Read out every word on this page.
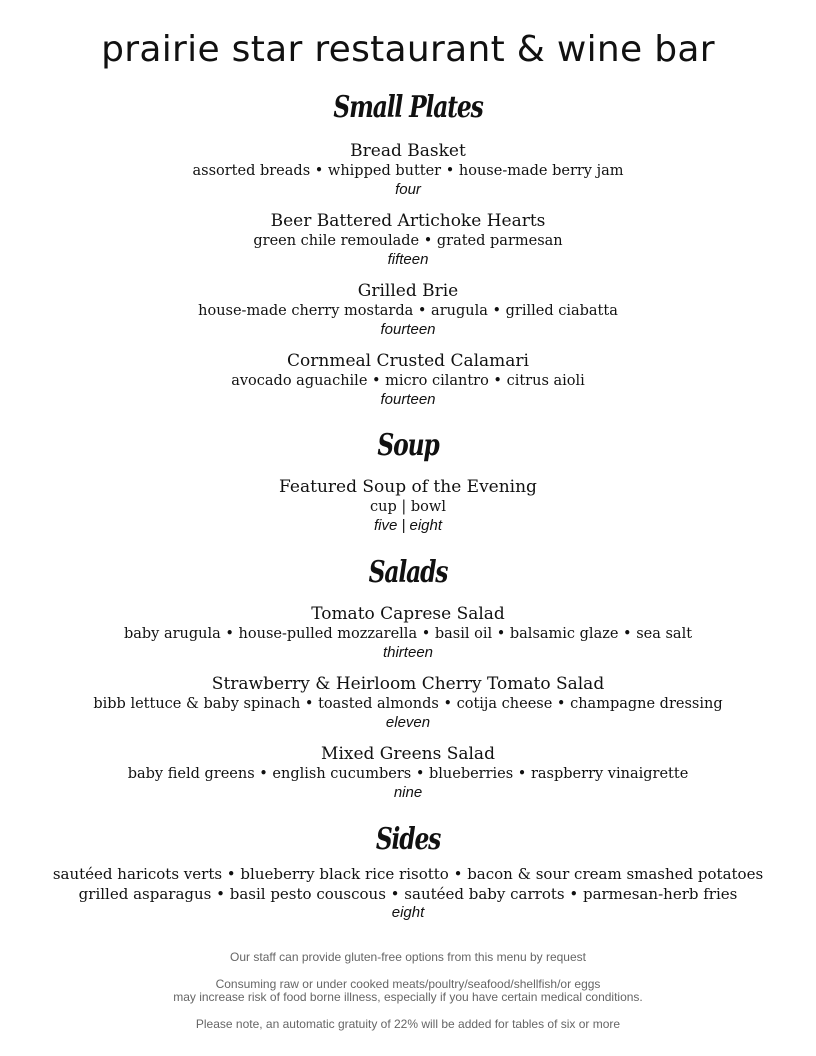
prairie star restaurant & wine bar
Small Plates
Bread Basket
assorted breads • whipped butter • house-made berry jam
four
Beer Battered Artichoke Hearts
green chile remoulade • grated parmesan
fifteen
Grilled Brie
house-made cherry mostarda • arugula • grilled ciabatta
fourteen
Cornmeal Crusted Calamari
avocado aguachile • micro cilantro • citrus aioli
fourteen
Soup
Featured Soup of the Evening
cup | bowl
five | eight
Salads
Tomato Caprese Salad
baby arugula • house-pulled mozzarella • basil oil • balsamic glaze • sea salt
thirteen
Strawberry & Heirloom Cherry Tomato Salad
bibb lettuce & baby spinach • toasted almonds • cotija cheese • champagne dressing
eleven
Mixed Greens Salad
baby field greens • english cucumbers • blueberries • raspberry vinaigrette
nine
Sides
sautéed haricots verts • blueberry black rice risotto • bacon & sour cream smashed potatoes
grilled asparagus • basil pesto couscous • sautéed baby carrots • parmesan-herb fries
eight
Our staff can provide gluten-free options from this menu by request
Consuming raw or under cooked meats/poultry/seafood/shellfish/or eggs
may increase risk of food borne illness, especially if you have certain medical conditions.
Please note, an automatic gratuity of 22% will be added for tables of six or more
